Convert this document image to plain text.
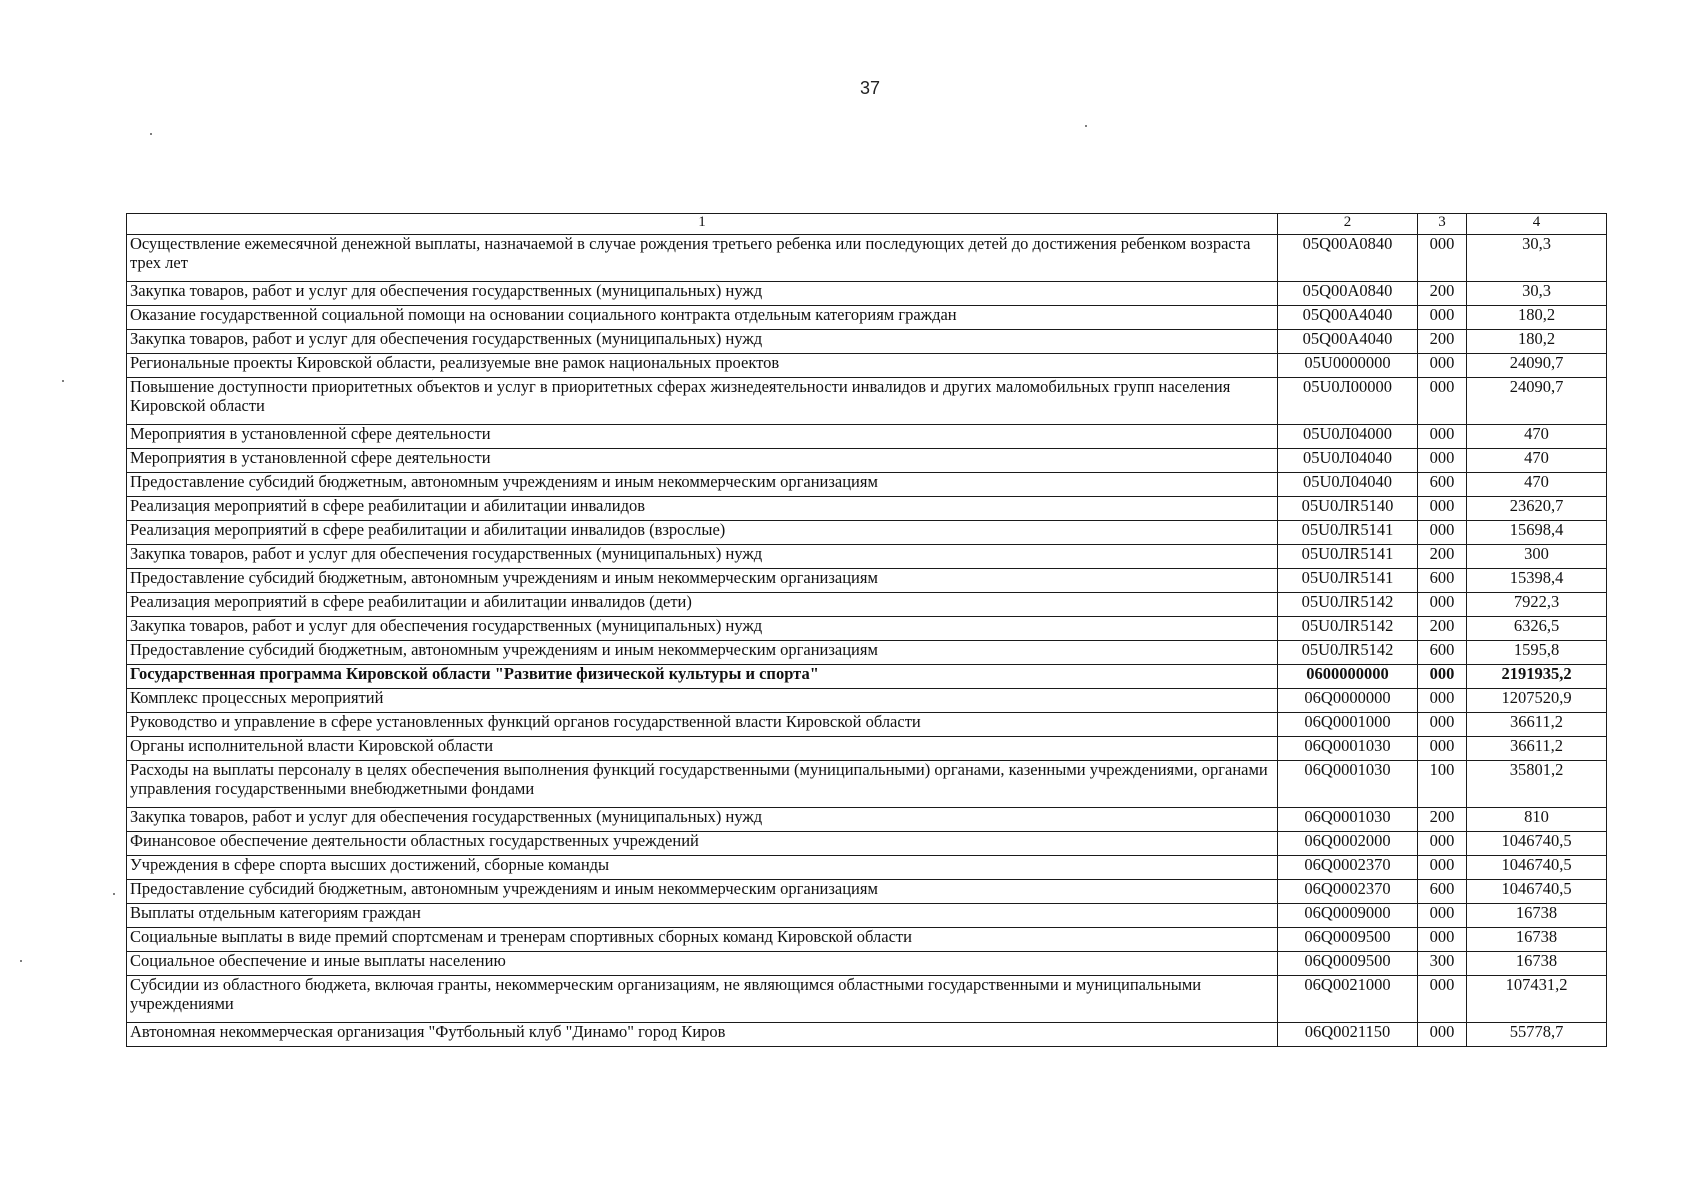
37
1	2	3	4
Осуществление ежемесячной денежной выплаты, назначаемой в случае рождения третьего ребенка или последующих детей до достижения ребенком возраста трех лет	05Q00A0840	000	30,3
Закупка товаров, работ и услуг для обеспечения государственных (муниципальных) нужд	05Q00A0840	200	30,3
Оказание государственной социальной помощи на основании социального контракта отдельным категориям граждан	05Q00A4040	000	180,2
Закупка товаров, работ и услуг для обеспечения государственных (муниципальных) нужд	05Q00A4040	200	180,2
Региональные проекты Кировской области, реализуемые вне рамок национальных проектов	05U0000000	000	24090,7
Повышение доступности приоритетных объектов и услуг в приоритетных сферах жизнедеятельности инвалидов и других маломобильных групп населения Кировской области	05U0Л00000	000	24090,7
Мероприятия в установленной сфере деятельности	05U0Л04000	000	470
Мероприятия в установленной сфере деятельности	05U0Л04040	000	470
Предоставление субсидий бюджетным, автономным учреждениям и иным некоммерческим организациям	05U0Л04040	600	470
Реализация мероприятий в сфере реабилитации и абилитации инвалидов	05U0ЛR5140	000	23620,7
Реализация мероприятий в сфере реабилитации и абилитации инвалидов (взрослые)	05U0ЛR5141	000	15698,4
Закупка товаров, работ и услуг для обеспечения государственных (муниципальных) нужд	05U0ЛR5141	200	300
Предоставление субсидий бюджетным, автономным учреждениям и иным некоммерческим организациям	05U0ЛR5141	600	15398,4
Реализация мероприятий в сфере реабилитации и абилитации инвалидов (дети)	05U0ЛR5142	000	7922,3
Закупка товаров, работ и услуг для обеспечения государственных (муниципальных) нужд	05U0ЛR5142	200	6326,5
Предоставление субсидий бюджетным, автономным учреждениям и иным некоммерческим организациям	05U0ЛR5142	600	1595,8
Государственная программа Кировской области "Развитие физической культуры и спорта"	0600000000	000	2191935,2
Комплекс процессных мероприятий	06Q0000000	000	1207520,9
Руководство и управление в сфере установленных функций органов государственной власти Кировской области	06Q0001000	000	36611,2
Органы исполнительной власти Кировской области	06Q0001030	000	36611,2
Расходы на выплаты персоналу в целях обеспечения выполнения функций государственными (муниципальными) органами, казенными учреждениями, органами управления государственными внебюджетными фондами	06Q0001030	100	35801,2
Закупка товаров, работ и услуг для обеспечения государственных (муниципальных) нужд	06Q0001030	200	810
Финансовое обеспечение деятельности областных государственных учреждений	06Q0002000	000	1046740,5
Учреждения в сфере спорта высших достижений, сборные команды	06Q0002370	000	1046740,5
Предоставление субсидий бюджетным, автономным учреждениям и иным некоммерческим организациям	06Q0002370	600	1046740,5
Выплаты отдельным категориям граждан	06Q0009000	000	16738
Социальные выплаты в виде премий спортсменам и тренерам спортивных сборных команд Кировской области	06Q0009500	000	16738
Социальное обеспечение и иные выплаты населению	06Q0009500	300	16738
Субсидии из областного бюджета, включая гранты, некоммерческим организациям, не являющимся областными государственными и муниципальными учреждениями	06Q0021000	000	107431,2
Автономная некоммерческая организация "Футбольный клуб "Динамо" город Киров	06Q0021150	000	55778,7
